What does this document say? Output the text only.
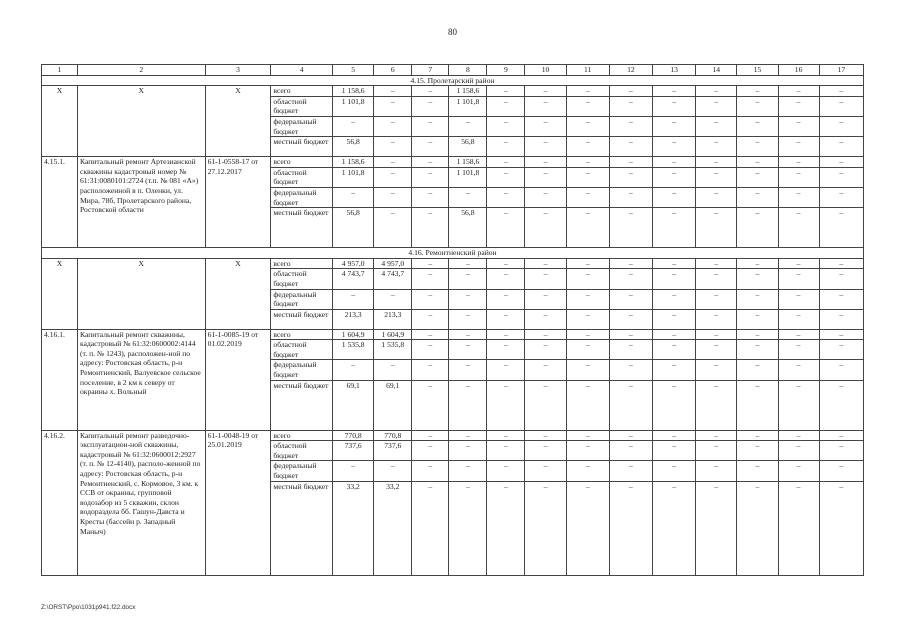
80
1	2	3	4	5	6	7	8	9	10	11	12	13	14	15	16	17
4.15. Пролетарский район																
X	X	X	всего	1 158,6	–	–	1 158,6	–	–	–	–	–	–	–	–	–
			областной бюджет	1 101,8	–	–	1 101,8	–	–	–	–	–	–	–	–	–
			федеральный бюджет	–	–	–	–	–	–	–	–	–	–	–	–	–
			местный бюджет	56,8	–	–	56,8	–	–	–	–	–	–	–	–	–
4.15.1.	Капитальный ремонт Артезианской скважины кадастровый номер № 61:31:0080101:2724 (т.п. № 081 «А») расположенной в п. Оленки, ул. Мира, 78б, Пролетарского района, Ростовской области	61-1-0558-17 от 27.12.2017	всего	1 158,6	–	–	1 158,6	–	–	–	–	–	–	–	–	–
			областной бюджет	1 101,8	–	–	1 101,8	–	–	–	–	–	–	–	–	–
			федеральный бюджет	–	–	–	–	–	–	–	–	–	–	–	–	–
			местный бюджет	56,8	–	–	56,8	–	–	–	–	–	–	–	–	–
4.16. Ремонтненский район																
X	X	X	всего	4 957,0	4 957,0	–	–	–	–	–	–	–	–	–	–	–
			областной бюджет	4 743,7	4 743,7	–	–	–	–	–	–	–	–	–	–	–
			федеральный бюджет	–	–	–	–	–	–	–	–	–	–	–	–	–
			местный бюджет	213,3	213,3	–	–	–	–	–	–	–	–	–	–	–
4.16.1.	Капитальный ремонт скважины, кадастровый № 61:32:0600002:4144 (т. п. № 1243), расположен-ной по адресу: Ростовская область, р-н Ремонтненский, Валуевское сельское поселение, в 2 км к северу от окраины х. Вольный	61-1-0085-19 от 01.02.2019	всего	1 604,9	1 604,9	–	–	–	–	–	–	–	–	–	–	–
			областной бюджет	1 535,8	1 535,8	–	–	–	–	–	–	–	–	–	–	–
			федеральный бюджет	–	–	–	–	–	–	–	–	–	–	–	–	–
			местный бюджет	69,1	69,1	–	–	–	–	–	–	–	–	–	–	–
4.16.2.	Капитальный ремонт разведочно-эксплуатацион-ной скважины, кадастровый № 61:32:0600012:2927 (т. п. № 12-4140), располо-женной по адресу: Ростовская область, р-н Ремонтненский, с. Кормовое, 3 км. к ССВ от окраины, групповой водозабор из 5 скважин, склон водораздела бб. Гашун-Давста и Кресты (бассейн р. Западный Маныч)	61-1-0048-19 от 25.01.2019	всего	770,8	770,8	–	–	–	–	–	–	–	–	–	–	–
			областной бюджет	737,6	737,6	–	–	–	–	–	–	–	–	–	–	–
			федеральный бюджет	–	–	–	–	–	–	–	–	–	–	–	–	–
			местный бюджет	33,2	33,2	–	–	–	–	–	–	–	–	–	–	–
Z:\ORST\Ppo\1031p941.f22.docx
